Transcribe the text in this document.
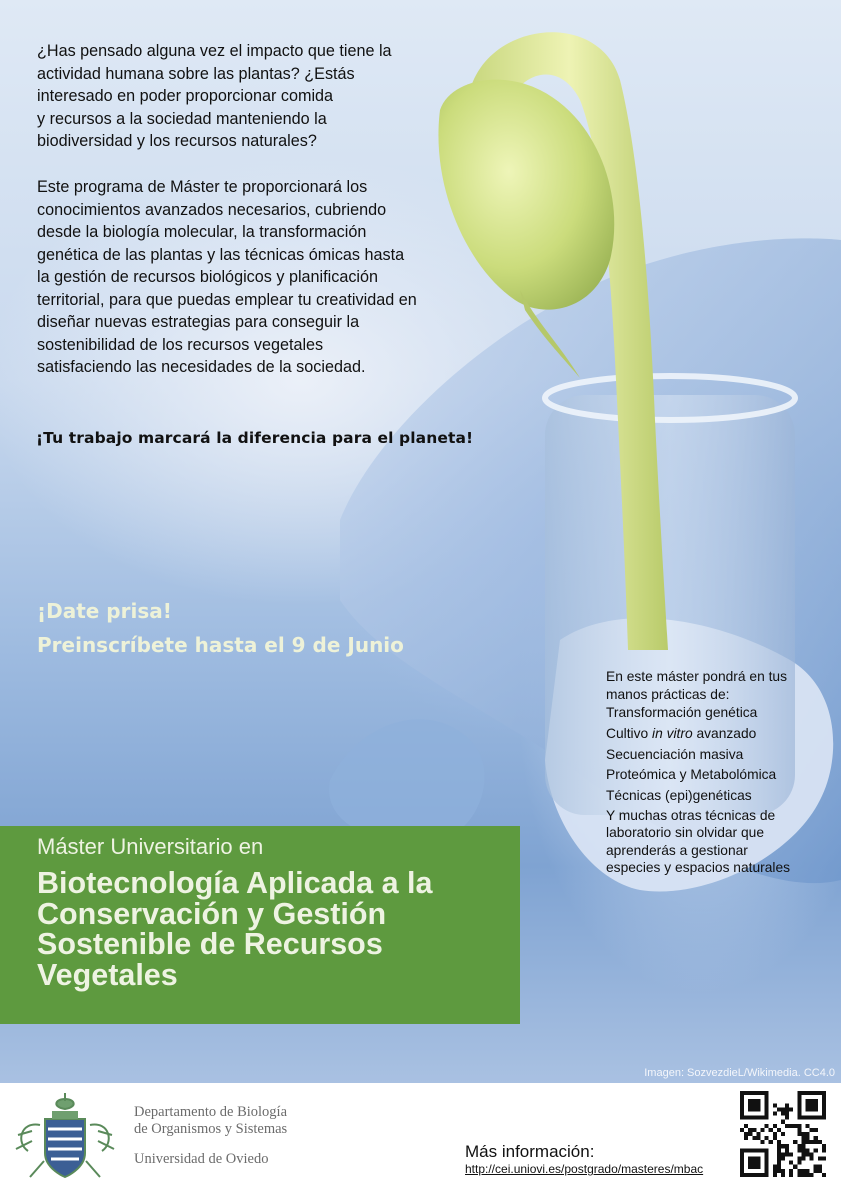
¿Has pensado alguna vez el impacto que tiene la
actividad humana sobre las plantas? ¿Estás
interesado en poder proporcionar comida
y recursos a la sociedad manteniendo la
biodiversidad y los recursos naturales?
Este programa de Máster te proporcionará los
conocimientos avanzados necesarios, cubriendo
desde la biología molecular, la transformación
genética de las plantas y las técnicas ómicas hasta
la gestión de recursos biológicos y planificación
territorial, para que puedas emplear tu creatividad en
diseñar nuevas estrategias para conseguir la
sostenibilidad de los recursos vegetales
satisfaciendo las necesidades de la sociedad.
¡Tu trabajo marcará la diferencia para el planeta!
¡Date prisa!
Preinscríbete hasta el 9 de Junio
En este máster pondrá en tus
manos prácticas de:
Transformación genética
Cultivo in vitro avanzado
Secuenciación masiva
Proteómica y Metabolómica
Técnicas (epi)genéticas
Y muchas otras técnicas de
laboratorio sin olvidar que
aprenderás a gestionar
especies y espacios naturales
Máster Universitario en
Biotecnología Aplicada a la
Conservación y Gestión
Sostenible de Recursos
Vegetales
Imagen: SozvezdieL/Wikimedia. CC4.0
Departamento de Biología
de Organismos y Sistemas
Universidad de Oviedo	Más información:
http://cei.uniovi.es/postgrado/masteres/mbac
